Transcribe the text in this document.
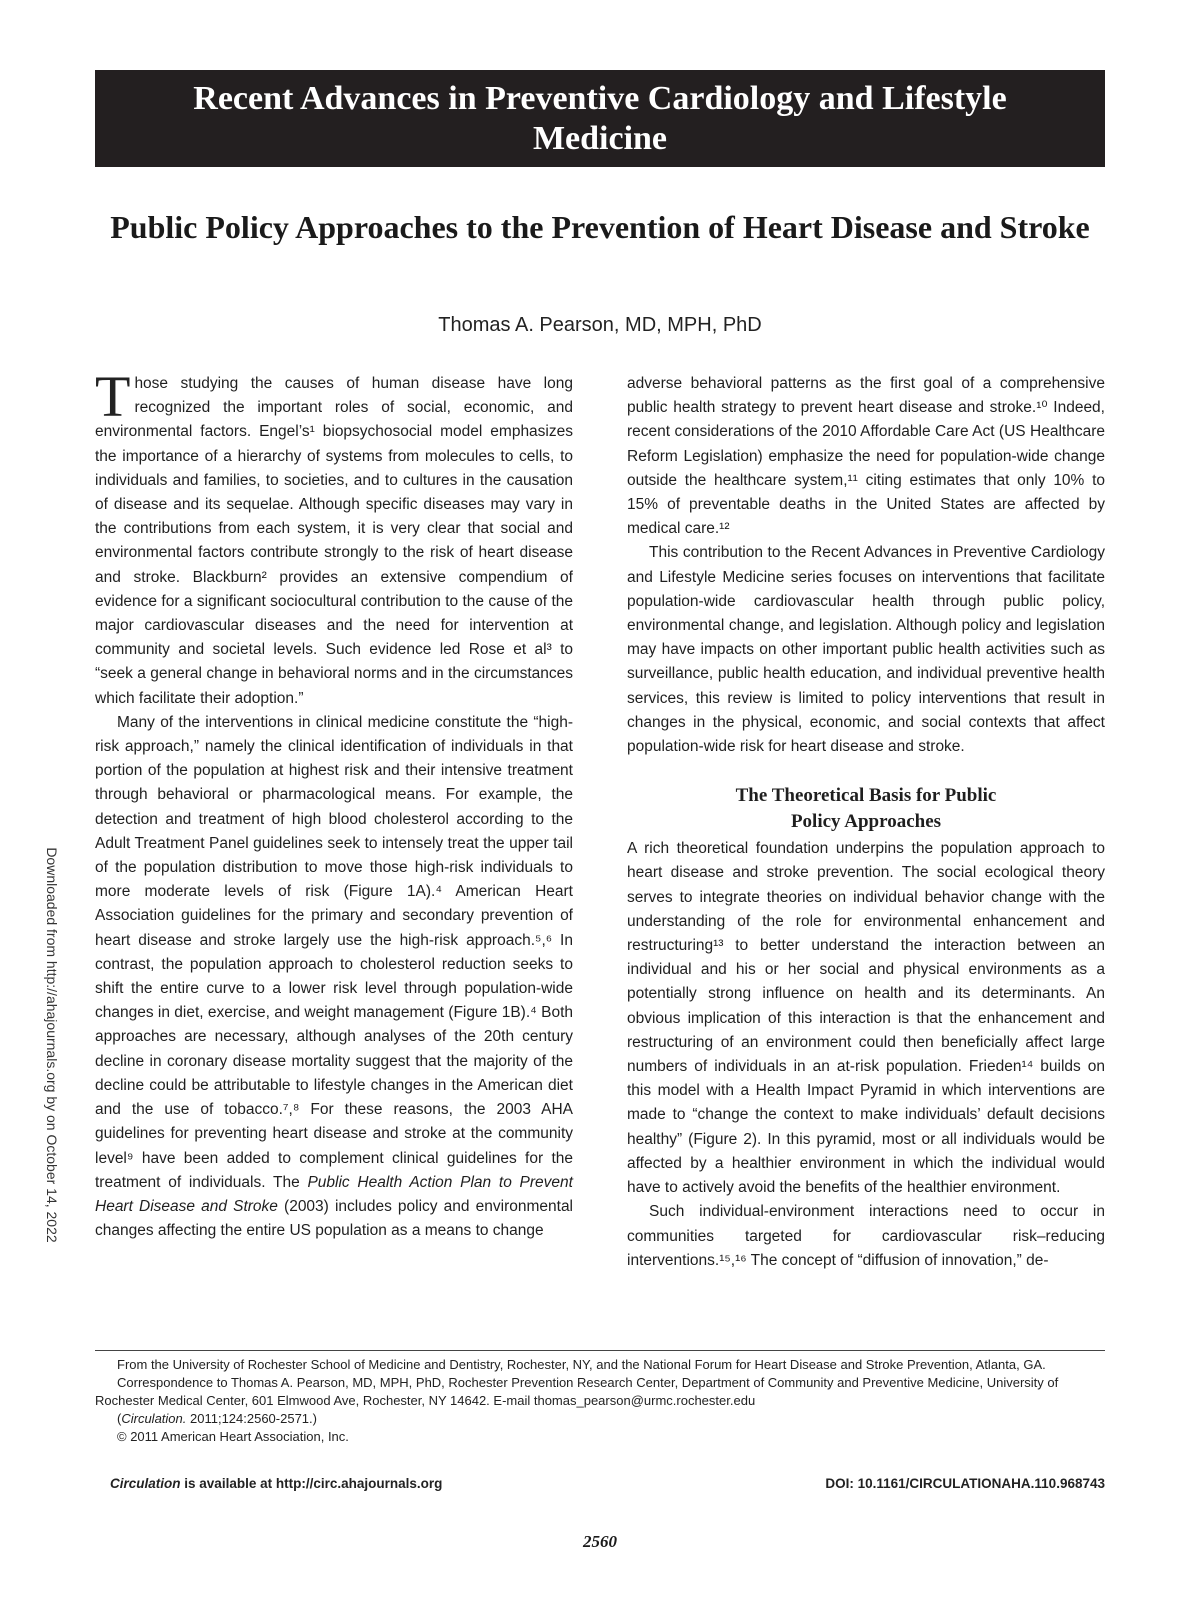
Recent Advances in Preventive Cardiology and Lifestyle Medicine
Public Policy Approaches to the Prevention of Heart Disease and Stroke
Thomas A. Pearson, MD, MPH, PhD
Downloaded from http://ahajournals.org by on October 14, 2022

Those studying the causes of human disease have long recognized the important roles of social, economic, and environmental factors. Engel’s¹ biopsychosocial model emphasizes the importance of a hierarchy of systems from molecules to cells, to individuals and families, to societies, and to cultures in the causation of disease and its sequelae. Although specific diseases may vary in the contributions from each system, it is very clear that social and environmental factors contribute strongly to the risk of heart disease and stroke. Blackburn² provides an extensive compendium of evidence for a significant sociocultural contribution to the cause of the major cardiovascular diseases and the need for intervention at community and societal levels. Such evidence led Rose et al³ to “seek a general change in behavioral norms and in the circumstances which facilitate their adoption.”

Many of the interventions in clinical medicine constitute the “high-risk approach,” namely the clinical identification of individuals in that portion of the population at highest risk and their intensive treatment through behavioral or pharmacological means. For example, the detection and treatment of high blood cholesterol according to the Adult Treatment Panel guidelines seek to intensely treat the upper tail of the population distribution to move those high-risk individuals to more moderate levels of risk (Figure 1A).⁴ American Heart Association guidelines for the primary and secondary prevention of heart disease and stroke largely use the high-risk approach.⁵,⁶ In contrast, the population approach to cholesterol reduction seeks to shift the entire curve to a lower risk level through population-wide changes in diet, exercise, and weight management (Figure 1B).⁴ Both approaches are necessary, although analyses of the 20th century decline in coronary disease mortality suggest that the majority of the decline could be attributable to lifestyle changes in the American diet and the use of tobacco.⁷,⁸ For these reasons, the 2003 AHA guidelines for preventing heart disease and stroke at the community level⁹ have been added to complement clinical guidelines for the treatment of individuals. The Public Health Action Plan to Prevent Heart Disease and Stroke (2003) includes policy and environmental changes affecting the entire US population as a means to change

adverse behavioral patterns as the first goal of a comprehensive public health strategy to prevent heart disease and stroke.¹⁰ Indeed, recent considerations of the 2010 Affordable Care Act (US Healthcare Reform Legislation) emphasize the need for population-wide change outside the healthcare system,¹¹ citing estimates that only 10% to 15% of preventable deaths in the United States are affected by medical care.¹²

This contribution to the Recent Advances in Preventive Cardiology and Lifestyle Medicine series focuses on interventions that facilitate population-wide cardiovascular health through public policy, environmental change, and legislation. Although policy and legislation may have impacts on other important public health activities such as surveillance, public health education, and individual preventive health services, this review is limited to policy interventions that result in changes in the physical, economic, and social contexts that affect population-wide risk for heart disease and stroke.

The Theoretical Basis for Public
Policy Approaches

A rich theoretical foundation underpins the population approach to heart disease and stroke prevention. The social ecological theory serves to integrate theories on individual behavior change with the understanding of the role for environmental enhancement and restructuring¹³ to better understand the interaction between an individual and his or her social and physical environments as a potentially strong influence on health and its determinants. An obvious implication of this interaction is that the enhancement and restructuring of an environment could then beneficially affect large numbers of individuals in an at-risk population. Frieden¹⁴ builds on this model with a Health Impact Pyramid in which interventions are made to “change the context to make individuals’ default decisions healthy” (Figure 2). In this pyramid, most or all individuals would be affected by a healthier environment in which the individual would have to actively avoid the benefits of the healthier environment.

Such individual-environment interactions need to occur in communities targeted for cardiovascular risk–reducing interventions.¹⁵,¹⁶ The concept of “diffusion of innovation,” de-

From the University of Rochester School of Medicine and Dentistry, Rochester, NY, and the National Forum for Heart Disease and Stroke Prevention, Atlanta, GA.

Correspondence to Thomas A. Pearson, MD, MPH, PhD, Rochester Prevention Research Center, Department of Community and Preventive Medicine, University of Rochester Medical Center, 601 Elmwood Ave, Rochester, NY 14642. E-mail thomas_pearson@urmc.rochester.edu

(Circulation. 2011;124:2560-2571.)

© 2011 American Heart Association, Inc.

Circulation is available at http://circ.ahajournals.org	DOI: 10.1161/CIRCULATIONAHA.110.968743
2560
